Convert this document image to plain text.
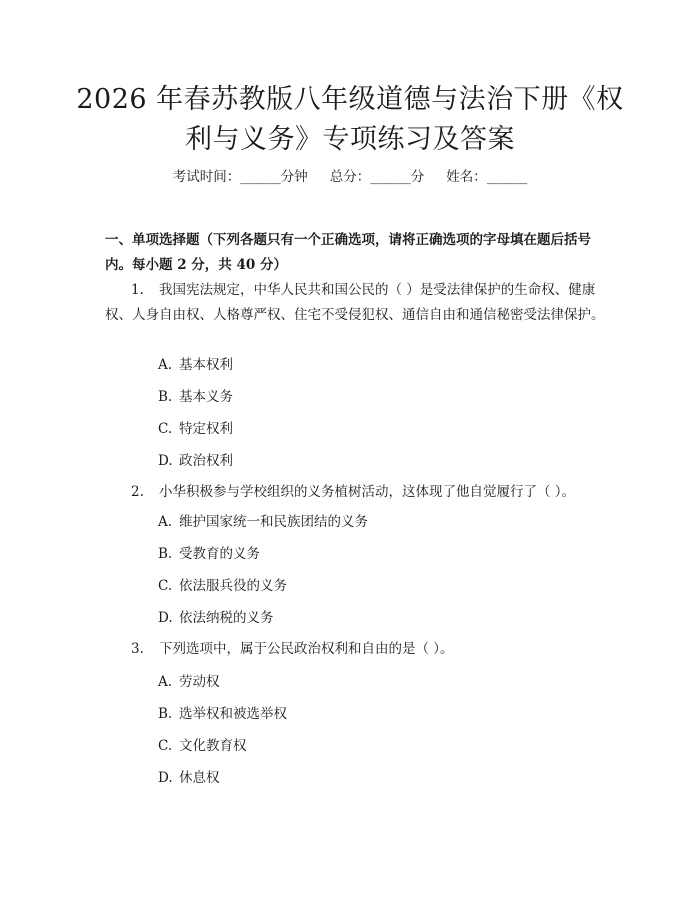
2026 年春苏教版八年级道德与法治下册《权
利与义务》专项练习及答案
考试时间：______分钟 总分：______分 姓名：______

一、单项选择题（下列各题只有一个正确选项，请将正确选项的字母填在题后括号内。每小题 2 分，共 40 分）

1. 我国宪法规定，中华人民共和国公民的（ ）是受法律保护的生命权、健康权、人身自由权、人格尊严权、住宅不受侵犯权、通信自由和通信秘密受法律保护。

A. 基本权利
B. 基本义务
C. 特定权利
D. 政治权利

2. 小华积极参与学校组织的义务植树活动，这体现了他自觉履行了（ ）。

A. 维护国家统一和民族团结的义务
B. 受教育的义务
C. 依法服兵役的义务
D. 依法纳税的义务

3. 下列选项中，属于公民政治权利和自由的是（ ）。

A. 劳动权
B. 选举权和被选举权
C. 文化教育权
D. 休息权
